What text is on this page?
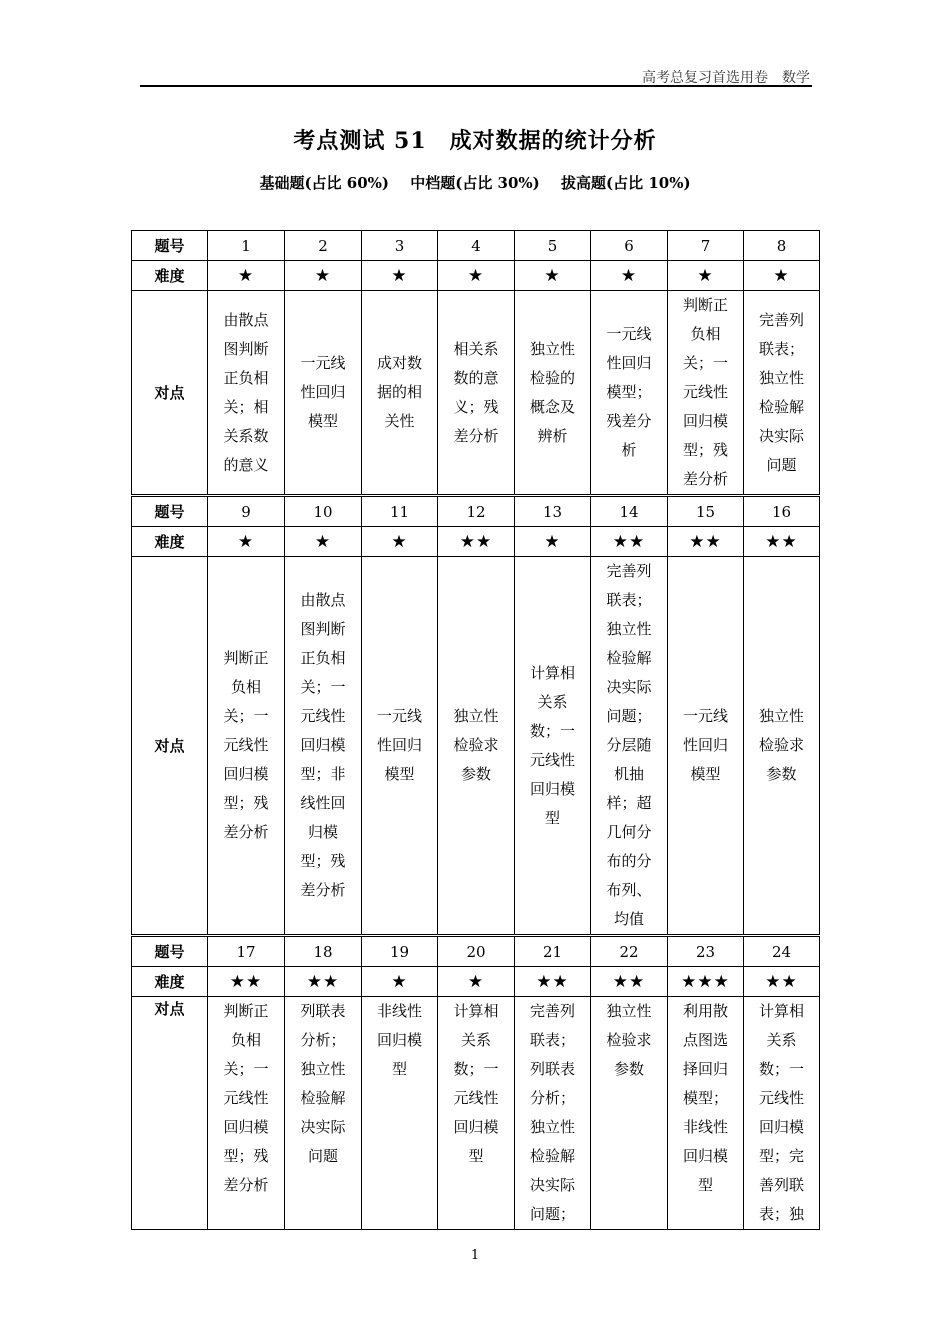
高考总复习首选用卷　数学
考点测试 51　成对数据的统计分析
基础题(占比 60%) 中档题(占比 30%) 拔高题(占比 10%)
题号	1	2	3	4	5	6	7	8
难度	★	★	★	★	★	★	★	★
对点	由散点图判断正负相关；相关系数的意义	一元线性回归模型	成对数据的相关性	相关系数的意义；残差分析	独立性检验的概念及辨析	一元线性回归模型；残差分析	判断正负相关；一元线性回归模型；残差分析	完善列联表；独立性检验解决实际问题

题号	9	10	11	12	13	14	15	16
难度	★	★	★	★★	★	★★	★★	★★
对点	判断正负相关；一元线性回归模型；残差分析	由散点图判断正负相关；一元线性回归模型；非线性回归模型；残差分析	一元线性回归模型	独立性检验求参数	计算相关系数；一元线性回归模型	完善列联表；独立性检验解决实际问题；分层随机抽样；超几何分布的分布列、均值	一元线性回归模型	独立性检验求参数

题号	17	18	19	20	21	22	23	24
难度	★★	★★	★	★	★★	★★	★★★	★★

对点	判断正负相关；一元线性回归模型；残差分析	列联表分析；独立性检验解决实际问题	非线性回归模型	计算相关系数；一元线性回归模型	完善列联表；列联表分析；独立性检验解决实际问题；	独立性检验求参数	利用散点图选择回归模型；非线性回归模型	计算相关系数；一元线性回归模型；完善列联表；独
1
